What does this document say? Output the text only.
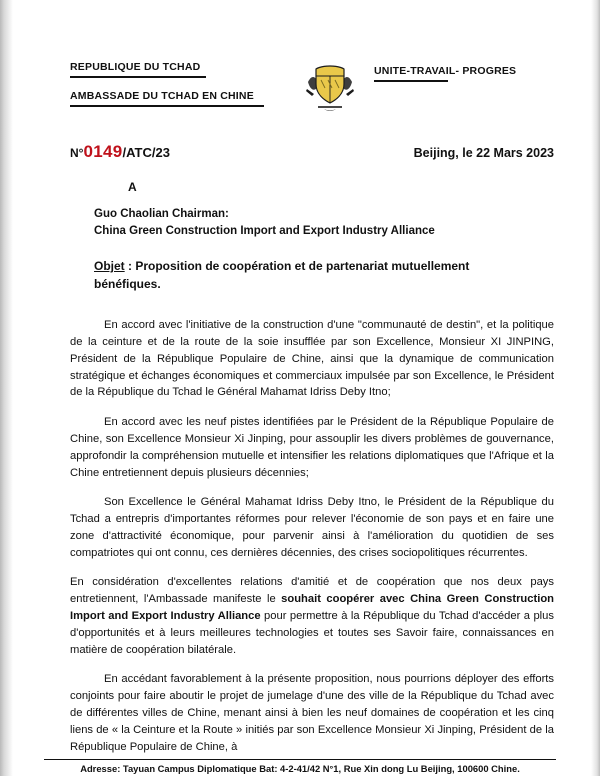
REPUBLIQUE DU TCHAD
AMBASSADE DU TCHAD EN CHINE
UNITE-TRAVAIL- PROGRES
N°0149/ATC/23	Beijing, le 22 Mars 2023
A
Guo Chaolian Chairman:
China Green Construction Import and Export Industry Alliance
Objet : Proposition de coopération et de partenariat mutuellement bénéfiques.

En accord avec l'initiative de la construction d'une "communauté de destin", et la politique de la ceinture et de la route de la soie insufflée par son Excellence, Monsieur XI JINPING, Président de la République Populaire de Chine, ainsi que la dynamique de communication stratégique et échanges économiques et commerciaux impulsée par son Excellence, le Président de la République du Tchad le Général Mahamat Idriss Deby Itno;

En accord avec les neuf pistes identifiées par le Président de la République Populaire de Chine, son Excellence Monsieur Xi Jinping, pour assouplir les divers problèmes de gouvernance, approfondir la compréhension mutuelle et intensifier les relations diplomatiques que l'Afrique et la Chine entretiennent depuis plusieurs décennies;

Son Excellence le Général Mahamat Idriss Deby Itno, le Président de la République du Tchad a entrepris d'importantes réformes pour relever l'économie de son pays et en faire une zone d'attractivité économique, pour parvenir ainsi à l'amélioration du quotidien de ses compatriotes qui ont connu, ces dernières décennies, des crises sociopolitiques récurrentes.

En considération d'excellentes relations d'amitié et de coopération que nos deux pays entretiennent, l'Ambassade manifeste le souhait coopérer avec China Green Construction Import and Export Industry Alliance pour permettre à la République du Tchad d'accéder a plus d'opportunités et à leurs meilleures technologies et toutes ses Savoir faire, connaissances en matière de coopération bilatérale.

En accédant favorablement à la présente proposition, nous pourrions déployer des efforts conjoints pour faire aboutir le projet de jumelage d'une des ville de la République du Tchad avec de différentes villes de Chine, menant ainsi à bien les neuf domaines de coopération et les cinq liens de « la Ceinture et la Route » initiés par son Excellence Monsieur Xi Jinping, Président de la République Populaire de Chine, à

Adresse: Tayuan Campus Diplomatique Bat: 4-2-41/42 N°1, Rue Xin dong Lu Beijing, 100600 Chine.
